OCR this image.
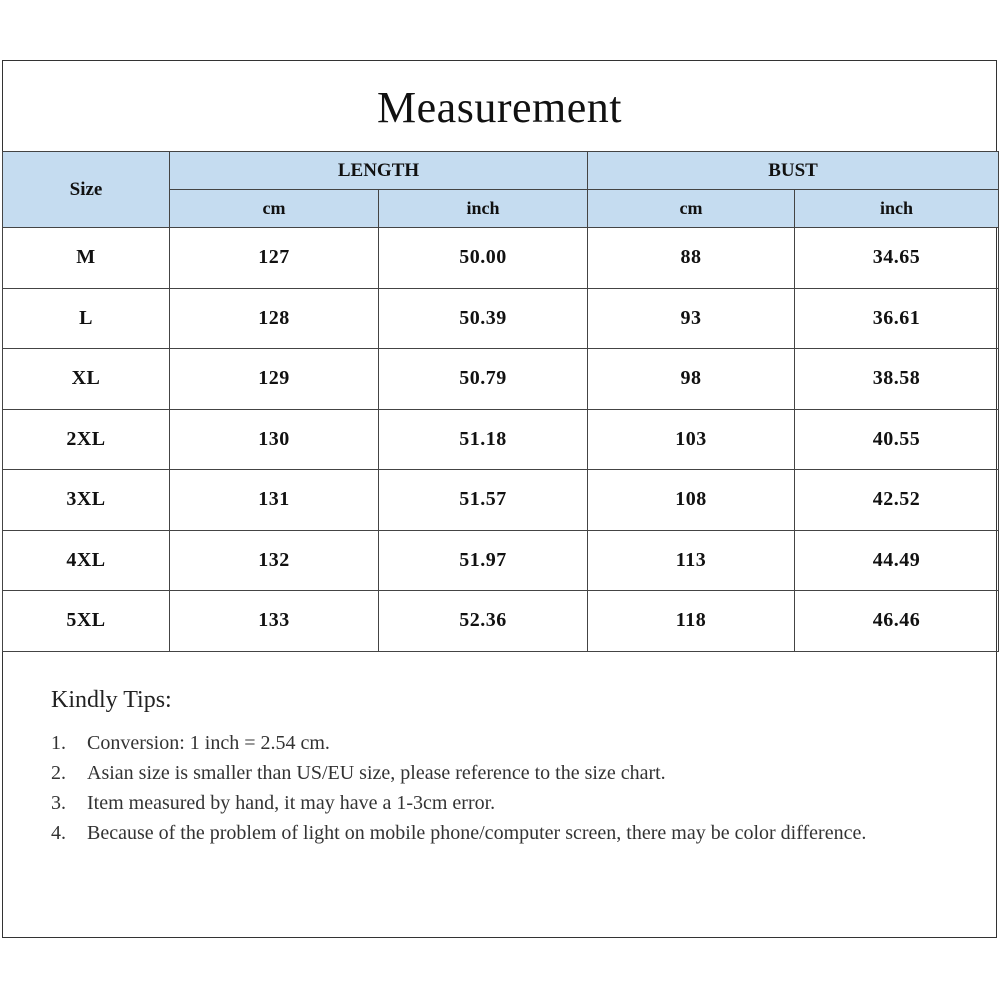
Measurement
Size	LENGTH		BUST	
	cm	inch	cm	inch
M	127	50.00	88	34.65
L	128	50.39	93	36.61
XL	129	50.79	98	38.58
2XL	130	51.18	103	40.55
3XL	131	51.57	108	42.52
4XL	132	51.97	113	44.49
5XL	133	52.36	118	46.46
Kindly Tips:
1. Conversion: 1 inch = 2.54 cm.
2. Asian size is smaller than US/EU size, please reference to the size chart.
3. Item measured by hand, it may have a 1-3cm error.
4. Because of the problem of light on mobile phone/computer screen, there may be color difference.
